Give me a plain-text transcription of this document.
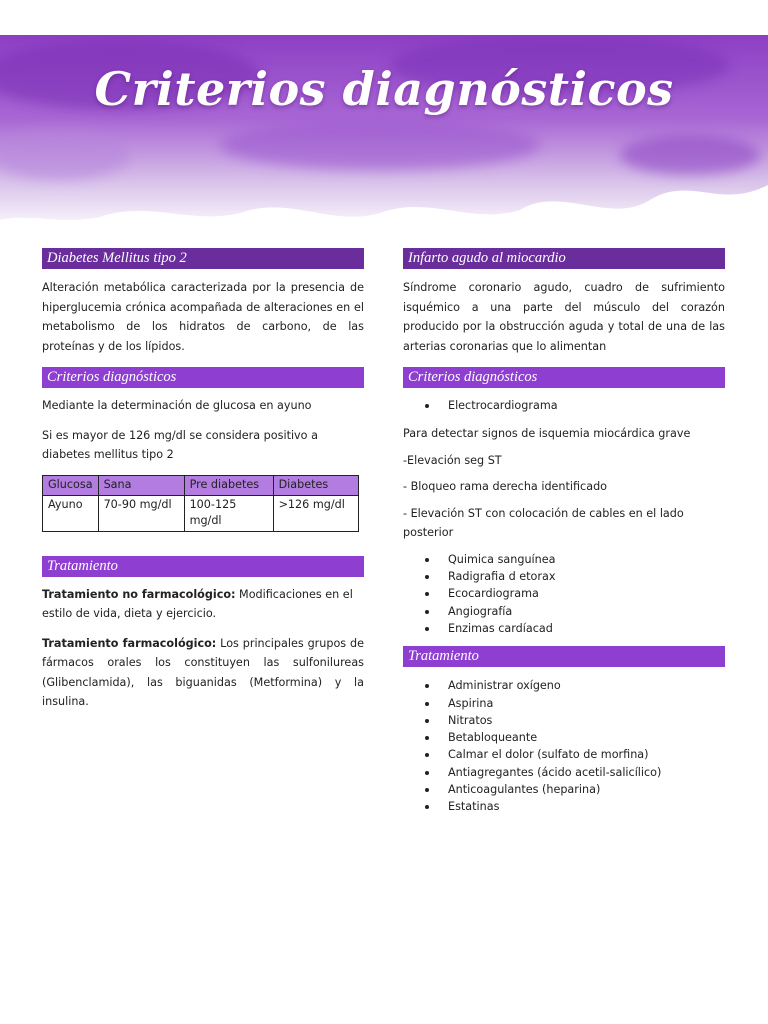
Criterios diagnósticos
Diabetes Mellitus tipo 2

Alteración metabólica caracterizada por la presencia de hiperglucemia crónica acompañada de alteraciones en el metabolismo de los hidratos de carbono, de las proteínas y de los lípidos.

Criterios diagnósticos

Mediante la determinación de glucosa en ayuno

Si es mayor de 126 mg/dl se considera positivo a diabetes mellitus tipo 2

Glucosa	Sana	Pre diabetes	Diabetes
Ayuno	70-90 mg/dl	100-125 mg/dl	>126 mg/dl
Tratamiento

Tratamiento no farmacológico: Modificaciones en el estilo de vida, dieta y ejercicio.

Tratamiento farmacológico: Los principales grupos de fármacos orales los constituyen las sulfonilureas (Glibenclamida), las biguanidas (Metformina) y la insulina.

Infarto agudo al miocardio

Síndrome coronario agudo, cuadro de sufrimiento isquémico a una parte del músculo del corazón producido por la obstrucción aguda y total de una de las arterias coronarias que lo alimentan

Criterios diagnósticos
Electrocardiograma

Para detectar signos de isquemia miocárdica grave

-Elevación seg ST

- Bloqueo rama derecha identificado

- Elevación ST con colocación de cables en el lado posterior

Quimica sanguínea
Radigrafia d etorax
Ecocardiograma
Angiografía
Enzimas cardíacad
Tratamiento
Administrar oxígeno
Aspirina
Nitratos
Betabloqueante
Calmar el dolor (sulfato de morfina)
Antiagregantes (ácido acetil-salicílico)
Anticoagulantes (heparina)
Estatinas
